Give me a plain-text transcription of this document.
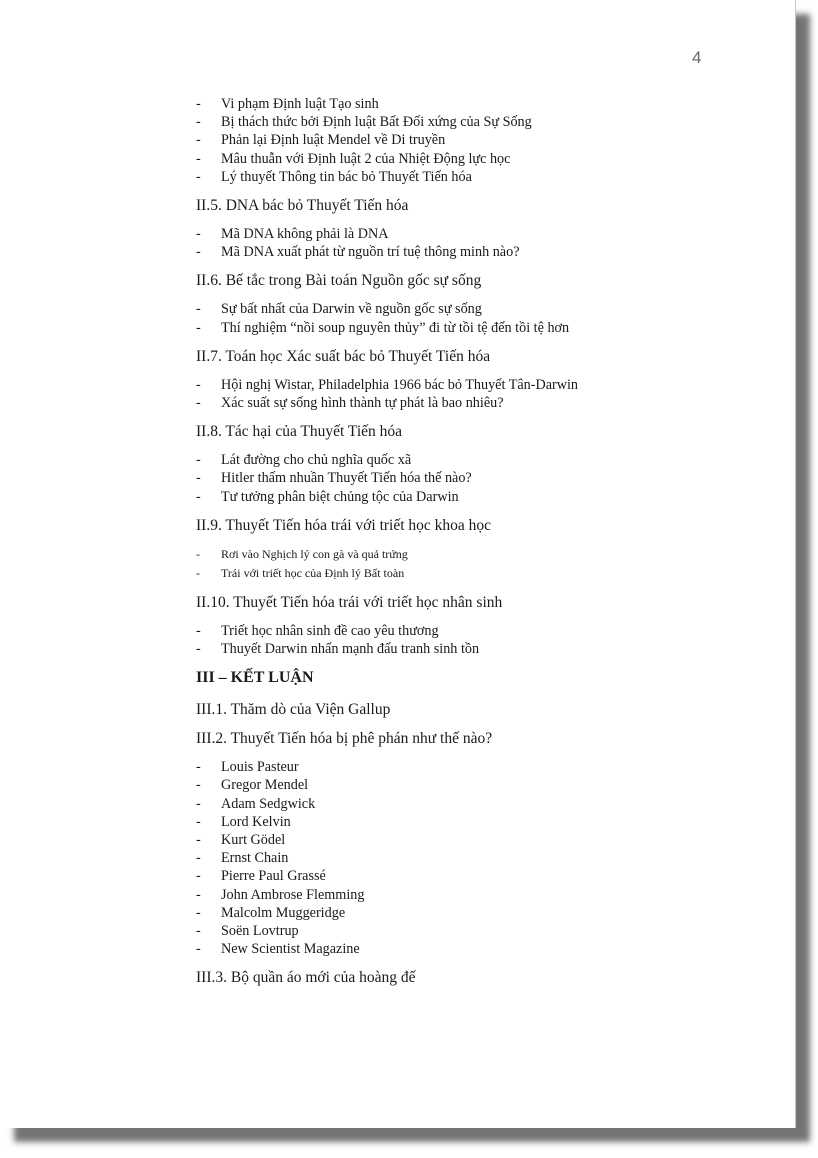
4
-	Vi phạm Định luật Tạo sinh
-	Bị thách thức bởi Định luật Bất Đối xứng của Sự Sống
-	Phản lại Định luật Mendel về Di truyền
-	Mâu thuẫn với Định luật 2 của Nhiệt Động lực học
-	Lý thuyết Thông tin bác bỏ Thuyết Tiến hóa
II.5. DNA bác bỏ Thuyết Tiến hóa
-	Mã DNA không phải là DNA
-	Mã DNA xuất phát từ nguồn trí tuệ thông minh nào?
II.6. Bế tắc trong Bài toán Nguồn gốc sự sống
-	Sự bất nhất của Darwin về nguồn gốc sự sống
-	Thí nghiệm “nồi soup nguyên thủy” đi từ tồi tệ đến tồi tệ hơn
II.7. Toán học Xác suất bác bỏ Thuyết Tiến hóa
-	Hội nghị Wistar, Philadelphia 1966 bác bỏ Thuyết Tân-Darwin
-	Xác suất sự sống hình thành tự phát là bao nhiêu?
II.8. Tác hại của Thuyết Tiến hóa
-	Lát đường cho chủ nghĩa quốc xã
-	Hitler thấm nhuần Thuyết Tiến hóa thế nào?
-	Tư tưởng phân biệt chủng tộc của Darwin
II.9. Thuyết Tiến hóa trái với triết học khoa học
-	Rơi vào Nghịch lý con gà và quả trứng
-	Trái với triết học của Định lý Bất toàn
II.10. Thuyết Tiến hóa trái với triết học nhân sinh
-	Triết học nhân sinh đề cao yêu thương
-	Thuyết Darwin nhấn mạnh đấu tranh sinh tồn
III – KẾT LUẬN
III.1. Thăm dò của Viện Gallup
III.2. Thuyết Tiến hóa bị phê phán như thế nào?
-	Louis Pasteur
-	Gregor Mendel
-	Adam Sedgwick
-	Lord Kelvin
-	Kurt Gödel
-	Ernst Chain
-	Pierre Paul Grassé
-	John Ambrose Flemming
-	Malcolm Muggeridge
-	Soën Lovtrup
-	New Scientist Magazine
III.3. Bộ quần áo mới của hoàng đế
